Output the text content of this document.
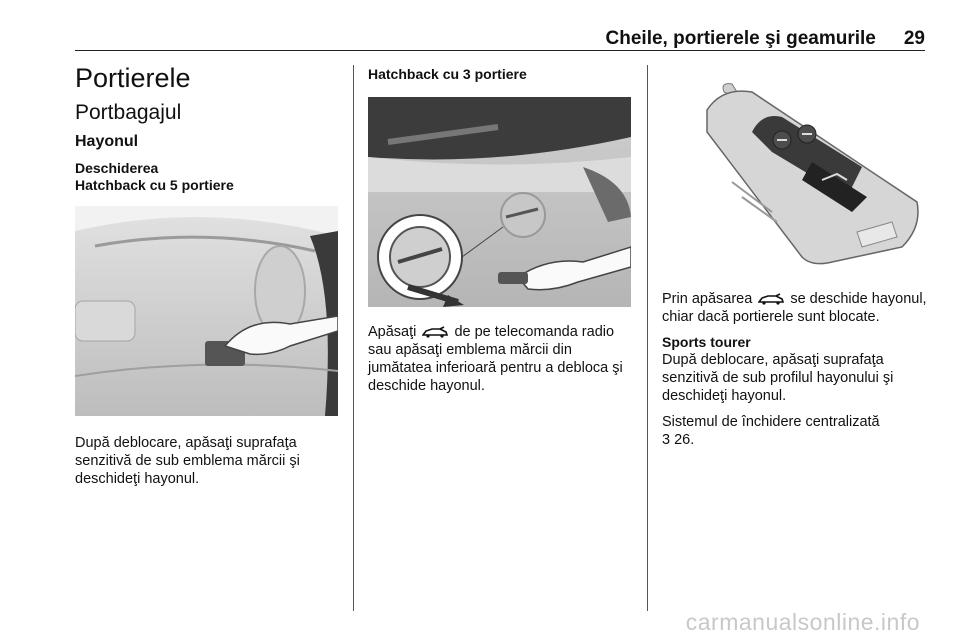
Cheile, portierele şi geamurile 29
Portierele
Portbagajul
Hayonul
Deschiderea
Hatchback cu 5 portiere

După deblocare, apăsaţi suprafaţa senzitivă de sub emblema mărcii şi deschideţi hayonul.

Hatchback cu 3 portiere

Apăsaţi	de pe telecomanda radio sau apăsaţi emblema mărcii din jumătatea inferioară pentru a debloca şi deschide hayonul.

Prin apăsarea	se deschide hayonul, chiar dacă portierele sunt blocate.

Sports tourer

După deblocare, apăsaţi suprafaţa senzitivă de sub profilul hayonului şi deschideţi hayonul.

Sistemul de închidere centralizată
3 26.

carmanualsonline.info
